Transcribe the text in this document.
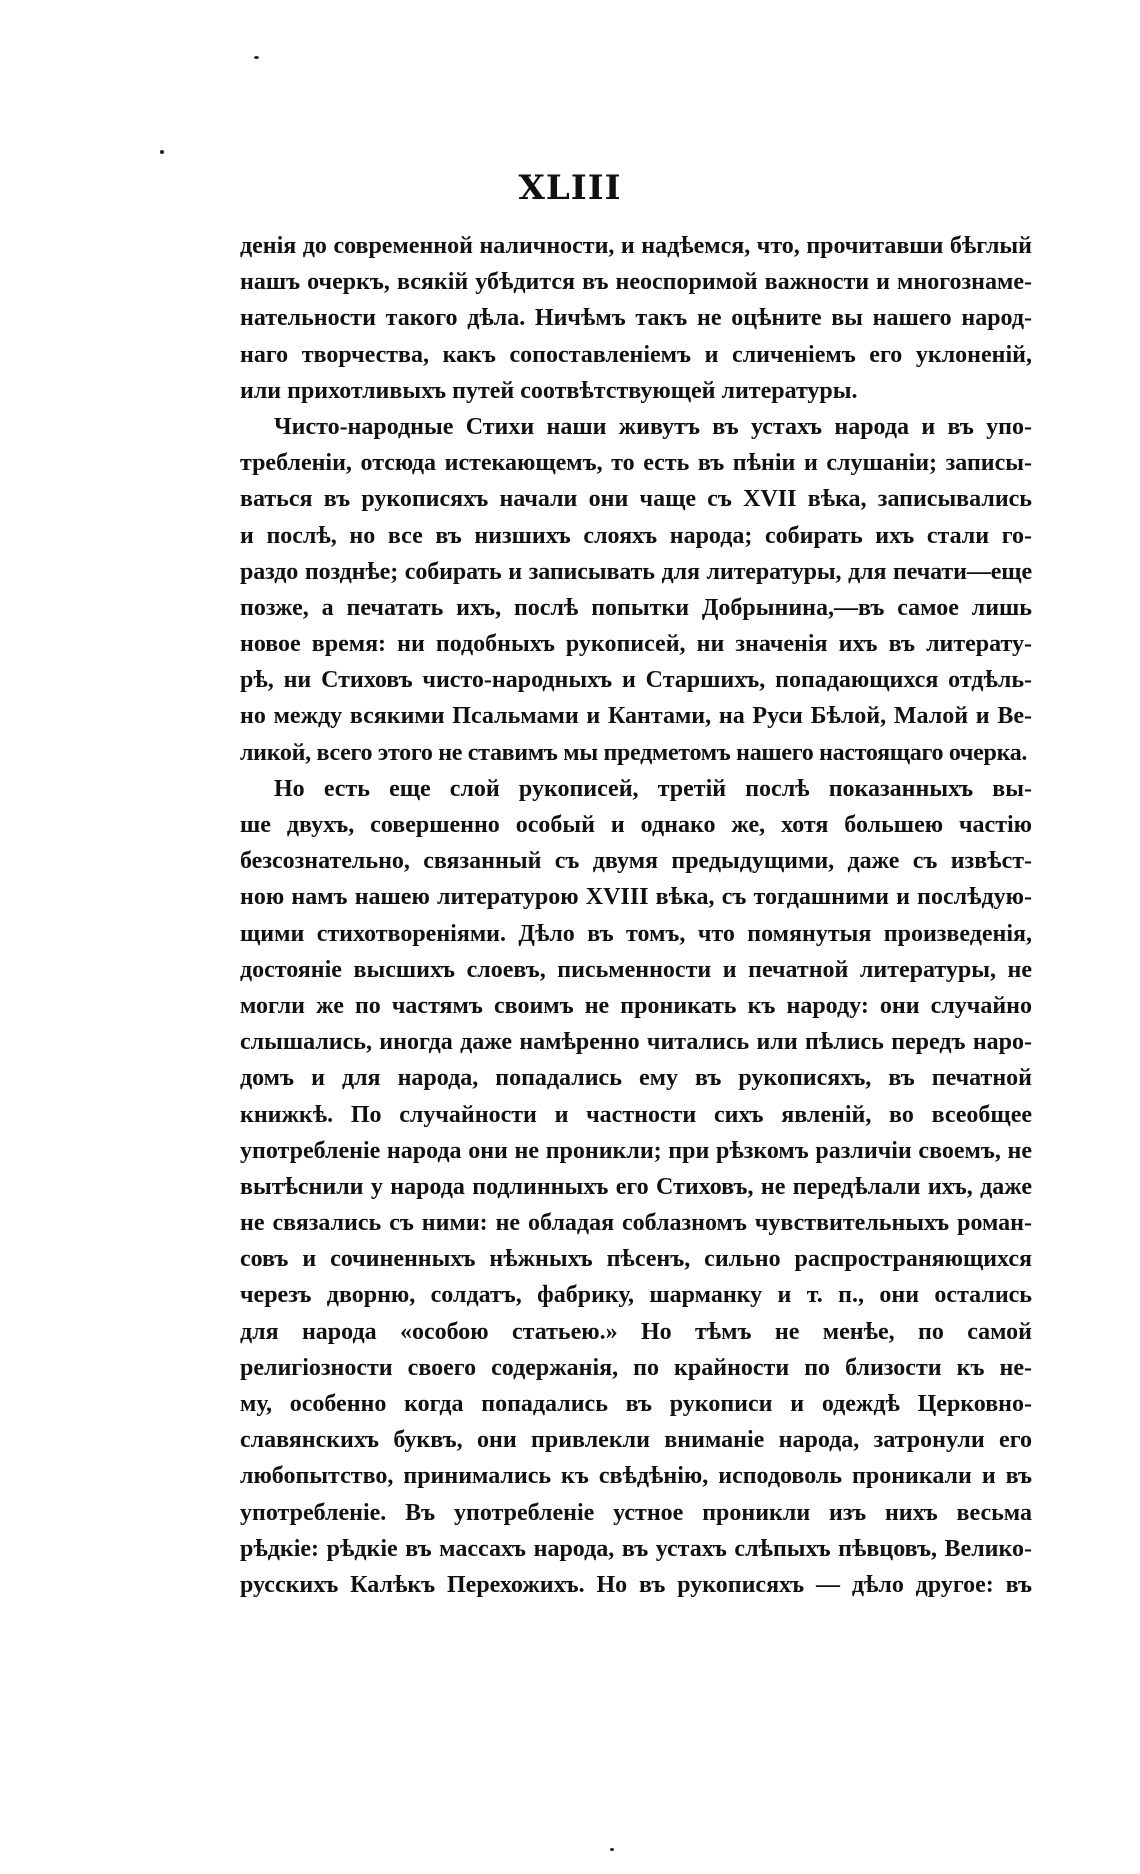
XLIII
денія до современной наличности, и надѣемся, что, прочитавши бѣглый
нашъ очеркъ, всякій убѣдится въ неоспоримой важности и многознаме-
нательности такого дѣла. Ничѣмъ такъ не оцѣните вы нашего народ-
наго творчества, какъ сопоставленіемъ и сличеніемъ его уклоненій,
или прихотливыхъ путей соотвѣтствующей литературы.
Чисто-народные Стихи наши живутъ въ устахъ народа и въ упо-
требленіи, отсюда истекающемъ, то есть въ пѣніи и слушаніи; записы-
ваться въ рукописяхъ начали они чаще съ XVII вѣка, записывались
и послѣ, но все въ низшихъ слояхъ народа; собирать ихъ стали го-
раздо позднѣе; собирать и записывать для литературы, для печати—еще
позже, а печатать ихъ, послѣ попытки Добрынина,—въ самое лишь
новое время: ни подобныхъ рукописей, ни значенія ихъ въ литерату-
рѣ, ни Стиховъ чисто-народныхъ и Старшихъ, попадающихся отдѣль-
но между всякими Псальмами и Кантами, на Руси Бѣлой, Малой и Ве-
ликой, всего этого не ставимъ мы предметомъ нашего настоящаго очерка.
Но есть еще слой рукописей, третій послѣ показанныхъ вы-
ше двухъ, совершенно особый и однако же, хотя большею частію
безсознательно, связанный съ двумя предыдущими, даже съ извѣст-
ною намъ нашею литературою XVIII вѣка, съ тогдашними и послѣдую-
щими стихотвореніями. Дѣло въ томъ, что помянутыя произведенія,
достояніе высшихъ слоевъ, письменности и печатной литературы, не
могли же по частямъ своимъ не проникать къ народу: они случайно
слышались, иногда даже намѣренно читались или пѣлись передъ наро-
домъ и для народа, попадались ему въ рукописяхъ, въ печатной
книжкѣ. По случайности и частности сихъ явленій, во всеобщее
употребленіе народа они не проникли; при рѣзкомъ различіи своемъ, не
вытѣснили у народа подлинныхъ его Стиховъ, не передѣлали ихъ, даже
не связались съ ними: не обладая соблазномъ чувствительныхъ роман-
совъ и сочиненныхъ нѣжныхъ пѣсенъ, сильно распространяющихся
черезъ дворню, солдатъ, фабрику, шарманку и т. п., они остались
для народа «особою статьею.» Но тѣмъ не менѣе, по самой
религіозности своего содержанія, по крайности по близости къ не-
му, особенно когда попадались въ рукописи и одеждѣ Церковно-
славянскихъ буквъ, они привлекли вниманіе народа, затронули его
любопытство, принимались къ свѣдѣнію, исподоволь проникали и въ
употребленіе. Въ употребленіе устное проникли изъ нихъ весьма
рѣдкіе: рѣдкіе въ массахъ народа, въ устахъ слѣпыхъ пѣвцовъ, Велико-
русскихъ Калѣкъ Перехожихъ. Но въ рукописяхъ — дѣло другое: въ
